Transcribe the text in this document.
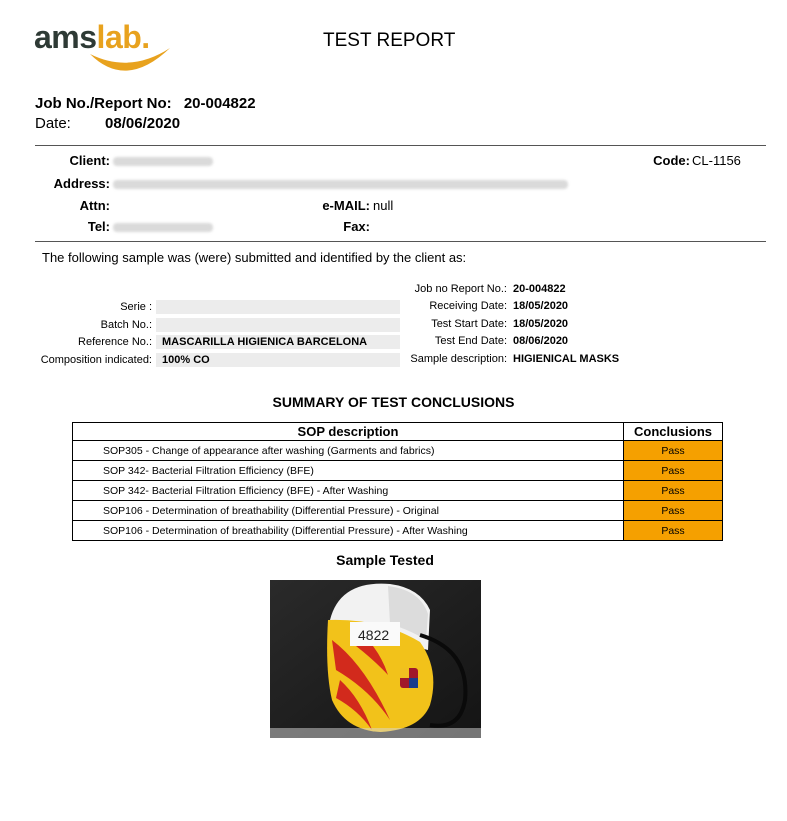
amslab.	TEST REPORT
Job No./Report No: 20-004822
Date: 08/06/2020
Client:	Code: CL-1156
Address:
Attn:	e-MAIL: null
Tel:	Fax:
The following sample was (were) submitted and identified by the client as:
Serie :
Batch No.:
Reference No.: MASCARILLA HIGIENICA BARCELONA
Composition indicated: 100% CO
Job no Report No.: 20-004822
Receiving Date: 18/05/2020
Test Start Date: 18/05/2020
Test End Date: 08/06/2020
Sample description: HIGIENICAL MASKS
SUMMARY OF TEST CONCLUSIONS
SOP description	Conclusions
SOP305 - Change of appearance after washing (Garments and fabrics)	Pass
SOP 342- Bacterial Filtration Efficiency (BFE)	Pass
SOP 342- Bacterial Filtration Efficiency (BFE) - After Washing	Pass
SOP106 - Determination of breathability (Differential Pressure) - Original	Pass
SOP106 - Determination of breathability (Differential Pressure) - After Washing	Pass
Sample Tested
4822
